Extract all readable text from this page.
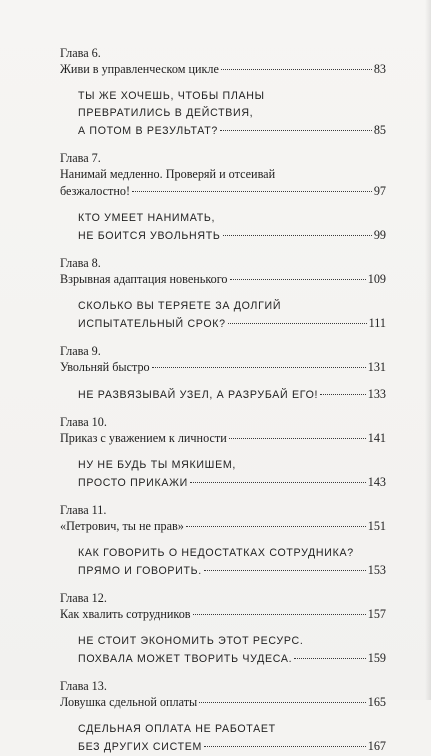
Глава 6.
Живи в управленческом цикле	83
ТЫ ЖЕ ХОЧЕШЬ, ЧТОБЫ ПЛАНЫ
ПРЕВРАТИЛИСЬ В ДЕЙСТВИЯ,
А ПОТОМ В РЕЗУЛЬТАТ?	85
Глава 7.
Нанимай медленно. Проверяй и отсеивай
безжалостно!	97
КТО УМЕЕТ НАНИМАТЬ,
НЕ БОИТСЯ УВОЛЬНЯТЬ	99
Глава 8.
Взрывная адаптация новенького	109
СКОЛЬКО ВЫ ТЕРЯЕТЕ ЗА ДОЛГИЙ
ИСПЫТАТЕЛЬНЫЙ СРОК?	111
Глава 9.
Увольняй быстро	131
НЕ РАЗВЯЗЫВАЙ УЗЕЛ, А РАЗРУБАЙ ЕГО!	133
Глава 10.
Приказ с уважением к личности	141
НУ НЕ БУДЬ ТЫ МЯКИШЕМ,
ПРОСТО ПРИКАЖИ	143
Глава 11.
«Петрович, ты не прав»	151
КАК ГОВОРИТЬ О НЕДОСТАТКАХ СОТРУДНИКА?
ПРЯМО И ГОВОРИТЬ.	153
Глава 12.
Как хвалить сотрудников	157
НЕ СТОИТ ЭКОНОМИТЬ ЭТОТ РЕСУРС.
ПОХВАЛА МОЖЕТ ТВОРИТЬ ЧУДЕСА.	159
Глава 13.
Ловушка сдельной оплаты	165
СДЕЛЬНАЯ ОПЛАТА НЕ РАБОТАЕТ
БЕЗ ДРУГИХ СИСТЕМ	167
